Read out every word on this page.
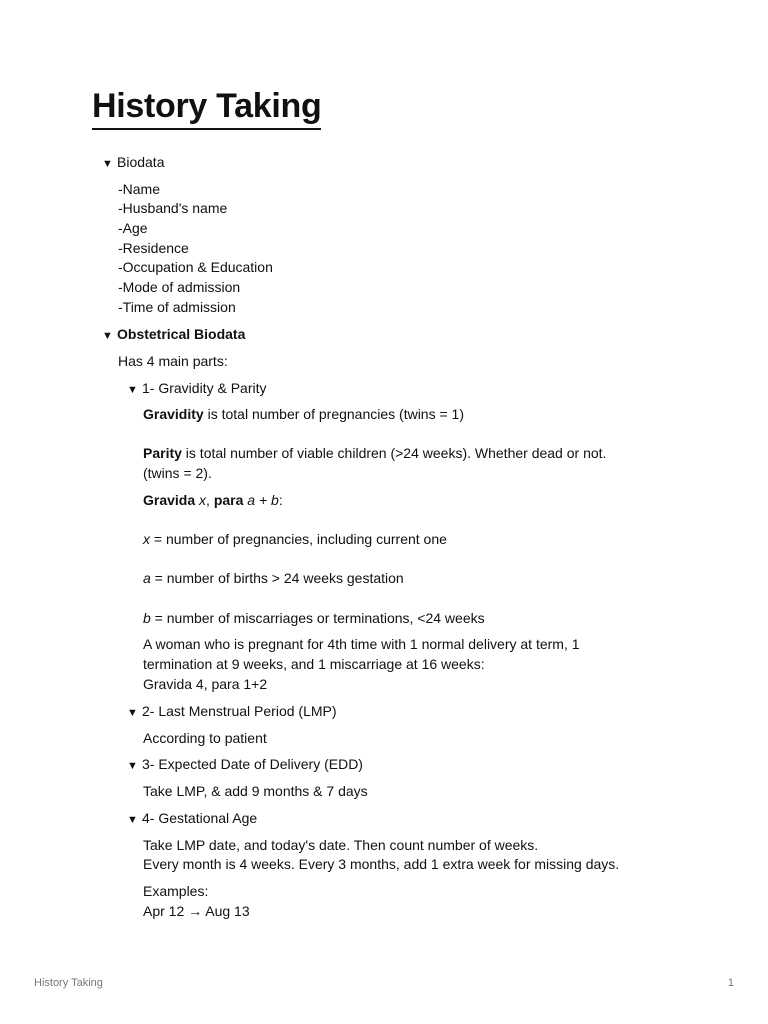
History Taking
▼ Biodata
-Name
-Husband's name
-Age
-Residence
-Occupation & Education
-Mode of admission
-Time of admission
▼ Obstetrical Biodata
Has 4 main parts:
▼ 1- Gravidity & Parity
Gravidity is total number of pregnancies (twins = 1)
Parity is total number of viable children (>24 weeks). Whether dead or not.
(twins = 2).
Gravida x, para a + b:
x = number of pregnancies, including current one
a = number of births > 24 weeks gestation
b = number of miscarriages or terminations, <24 weeks
A woman who is pregnant for 4th time with 1 normal delivery at term, 1
termination at 9 weeks, and 1 miscarriage at 16 weeks:
Gravida 4, para 1+2
▼ 2- Last Menstrual Period (LMP)
According to patient
▼ 3- Expected Date of Delivery (EDD)
Take LMP, & add 9 months & 7 days
▼ 4- Gestational Age
Take LMP date, and today's date. Then count number of weeks.
Every month is 4 weeks. Every 3 months, add 1 extra week for missing days.
Examples:
Apr 12 → Aug 13
History Taking	1
